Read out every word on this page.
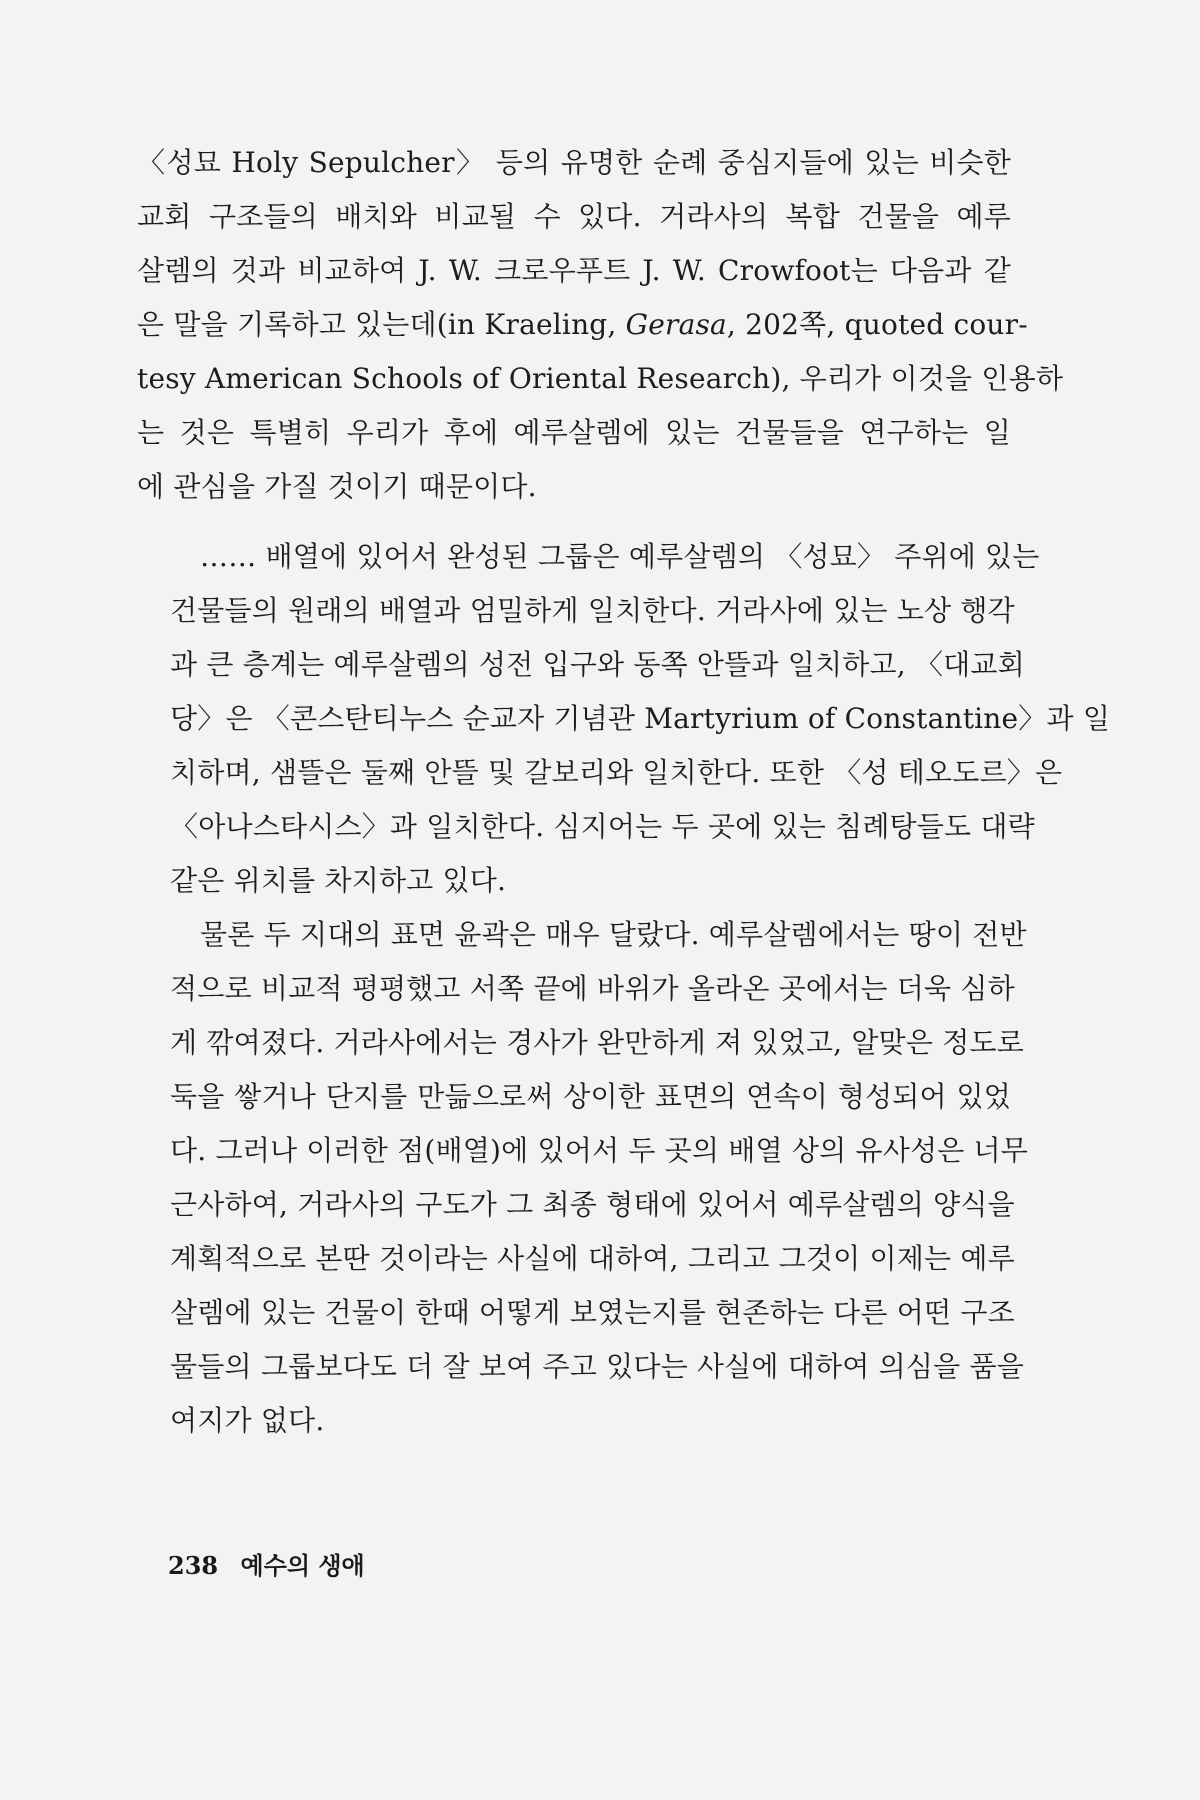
〈성묘 Holy Sepulcher〉 등의 유명한 순례 중심지들에 있는 비슷한
교회 구조들의 배치와 비교될 수 있다. 거라사의 복합 건물을 예루
살렘의 것과 비교하여 J. W. 크로우푸트 J. W. Crowfoot는 다음과 같
은 말을 기록하고 있는데(in Kraeling, Gerasa, 202쪽, quoted cour-
tesy American Schools of Oriental Research), 우리가 이것을 인용하
는 것은 특별히 우리가 후에 예루살렘에 있는 건물들을 연구하는 일
에 관심을 가질 것이기 때문이다.
…… 배열에 있어서 완성된 그룹은 예루살렘의 〈성묘〉 주위에 있는
건물들의 원래의 배열과 엄밀하게 일치한다. 거라사에 있는 노상 행각
과 큰 층계는 예루살렘의 성전 입구와 동쪽 안뜰과 일치하고, 〈대교회
당〉은 〈콘스탄티누스 순교자 기념관 Martyrium of Constantine〉과 일
치하며, 샘뜰은 둘째 안뜰 및 갈보리와 일치한다. 또한 〈성 테오도르〉은
〈아나스타시스〉과 일치한다. 심지어는 두 곳에 있는 침례탕들도 대략
같은 위치를 차지하고 있다.
물론 두 지대의 표면 윤곽은 매우 달랐다. 예루살렘에서는 땅이 전반
적으로 비교적 평평했고 서쪽 끝에 바위가 올라온 곳에서는 더욱 심하
게 깎여졌다. 거라사에서는 경사가 완만하게 져 있었고, 알맞은 정도로
둑을 쌓거나 단지를 만듦으로써 상이한 표면의 연속이 형성되어 있었
다. 그러나 이러한 점(배열)에 있어서 두 곳의 배열 상의 유사성은 너무
근사하여, 거라사의 구도가 그 최종 형태에 있어서 예루살렘의 양식을
계획적으로 본딴 것이라는 사실에 대하여, 그리고 그것이 이제는 예루
살렘에 있는 건물이 한때 어떻게 보였는지를 현존하는 다른 어떤 구조
물들의 그룹보다도 더 잘 보여 주고 있다는 사실에 대하여 의심을 품을
여지가 없다.
238 예수의 생애
